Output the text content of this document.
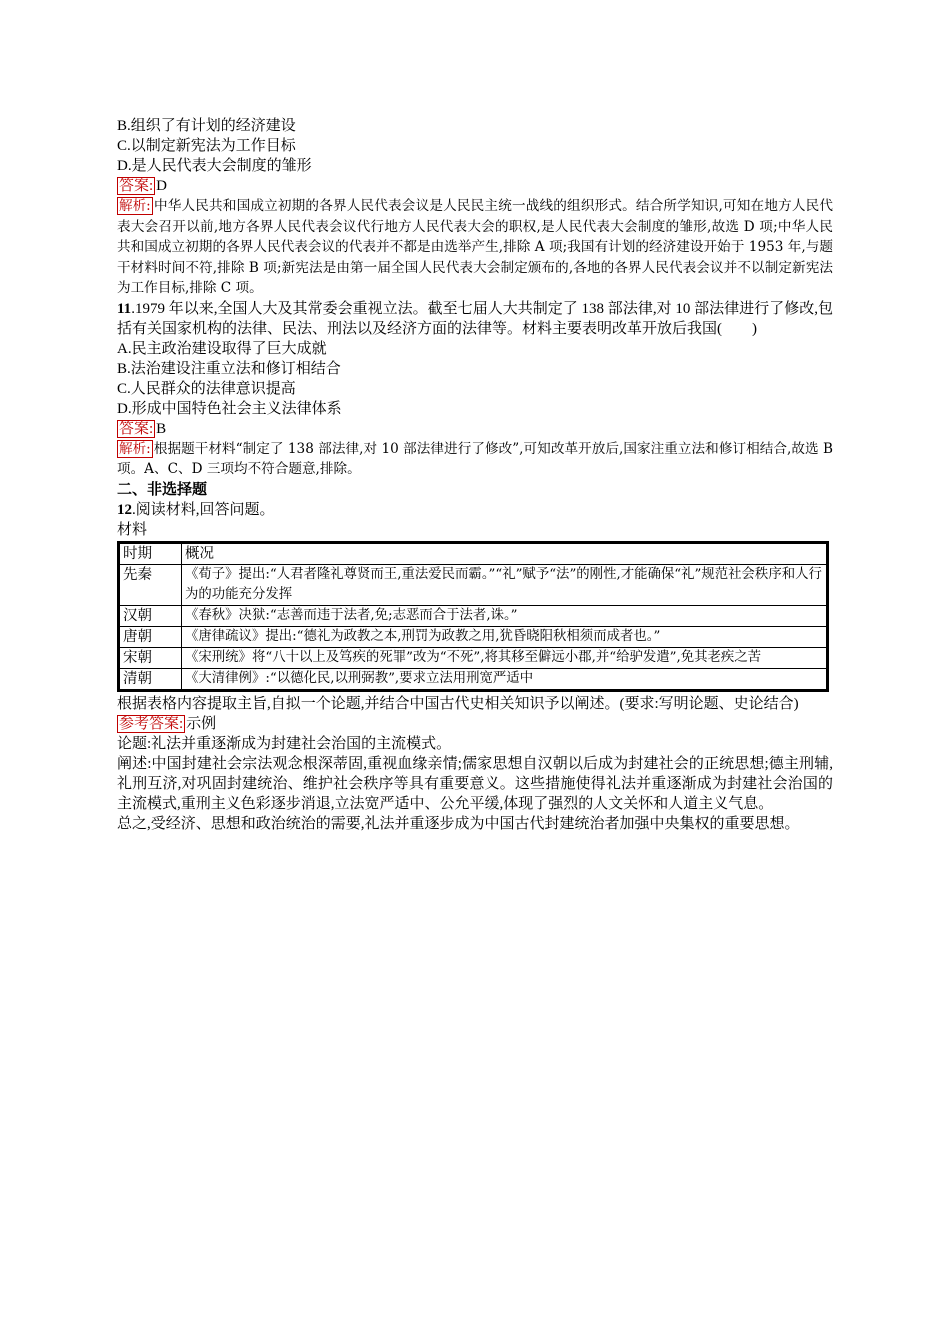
B.组织了有计划的经济建设

C.以制定新宪法为工作目标

D.是人民代表大会制度的雏形

答案: D

解析: 中华人民共和国成立初期的各界人民代表会议是人民民主统一战线的组织形式。结合所学知识,可知在地方人民代表大会召开以前,地方各界人民代表会议代行地方人民代表大会的职权,是人民代表大会制度的雏形,故选 D 项;中华人民共和国成立初期的各界人民代表会议的代表并不都是由选举产生,排除 A 项;我国有计划的经济建设开始于 1953 年,与题干材料时间不符,排除 B 项;新宪法是由第一届全国人民代表大会制定颁布的,各地的各界人民代表会议并不以制定新宪法为工作目标,排除 C 项。

11.1979 年以来,全国人大及其常委会重视立法。截至七届人大共制定了 138 部法律,对 10 部法律进行了修改,包括有关国家机构的法律、民法、刑法以及经济方面的法律等。材料主要表明改革开放后我国(　　)

A.民主政治建设取得了巨大成就

B.法治建设注重立法和修订相结合

C.人民群众的法律意识提高

D.形成中国特色社会主义法律体系

答案: B

解析: 根据题干材料“制定了 138 部法律,对 10 部法律进行了修改”,可知改革开放后,国家注重立法和修订相结合,故选 B 项。A、C、D 三项均不符合题意,排除。

二、非选择题

12.阅读材料,回答问题。

材料

时期	概况
先秦	《荀子》提出:“人君者隆礼尊贤而王,重法爱民而霸。”“礼”赋予“法”的刚性,才能确保“礼”规范社会秩序和人行为的功能充分发挥
汉朝	《春秋》决狱:“志善而违于法者,免;志恶而合于法者,诛。”
唐朝	《唐律疏议》提出:“德礼为政教之本,刑罚为政教之用,犹昏晓阳秋相须而成者也。”
宋朝	《宋刑统》将“八十以上及笃疾的死罪”改为“不死”,将其移至僻远小郡,并“给驴发遣”,免其老疾之苦
清朝	《大清律例》:“以德化民,以刑弼教”,要求立法用刑宽严适中

根据表格内容提取主旨,自拟一个论题,并结合中国古代史相关知识予以阐述。(要求:写明论题、史论结合)

参考答案: 示例

论题:礼法并重逐渐成为封建社会治国的主流模式。

阐述:中国封建社会宗法观念根深蒂固,重视血缘亲情;儒家思想自汉朝以后成为封建社会的正统思想;德主刑辅,礼刑互济,对巩固封建统治、维护社会秩序等具有重要意义。这些措施使得礼法并重逐渐成为封建社会治国的主流模式,重刑主义色彩逐步消退,立法宽严适中、公允平缓,体现了强烈的人文关怀和人道主义气息。

总之,受经济、思想和政治统治的需要,礼法并重逐步成为中国古代封建统治者加强中央集权的重要思想。
